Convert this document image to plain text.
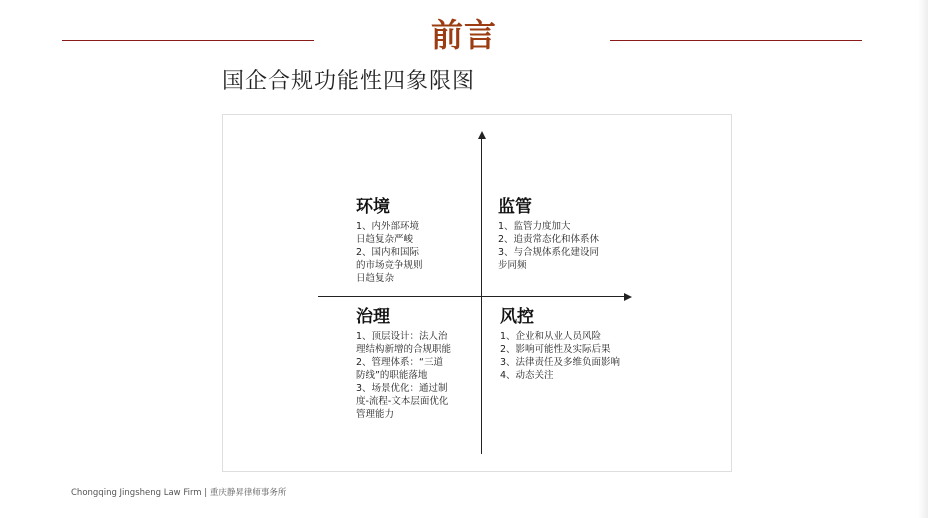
前言
国企合规功能性四象限图
环境
1、内外部环境
日趋复杂严峻
2、国内和国际
的市场竞争规则
日趋复杂
监管
1、监管力度加大
2、追责常态化和体系休
3、与合规体系化建设同
步同频
治理
1、顶层设计：法人治
理结构新增的合规职能
2、管理体系：“三道
防线”的职能落地
3、场景优化：通过制
度-流程-文本层面优化
管理能力
风控
1、企业和从业人员风险
2、影响可能性及实际后果
3、法律责任及多维负面影响
4、动态关注
Chongqing Jingsheng Law Firm | 重庆静昇律师事务所
